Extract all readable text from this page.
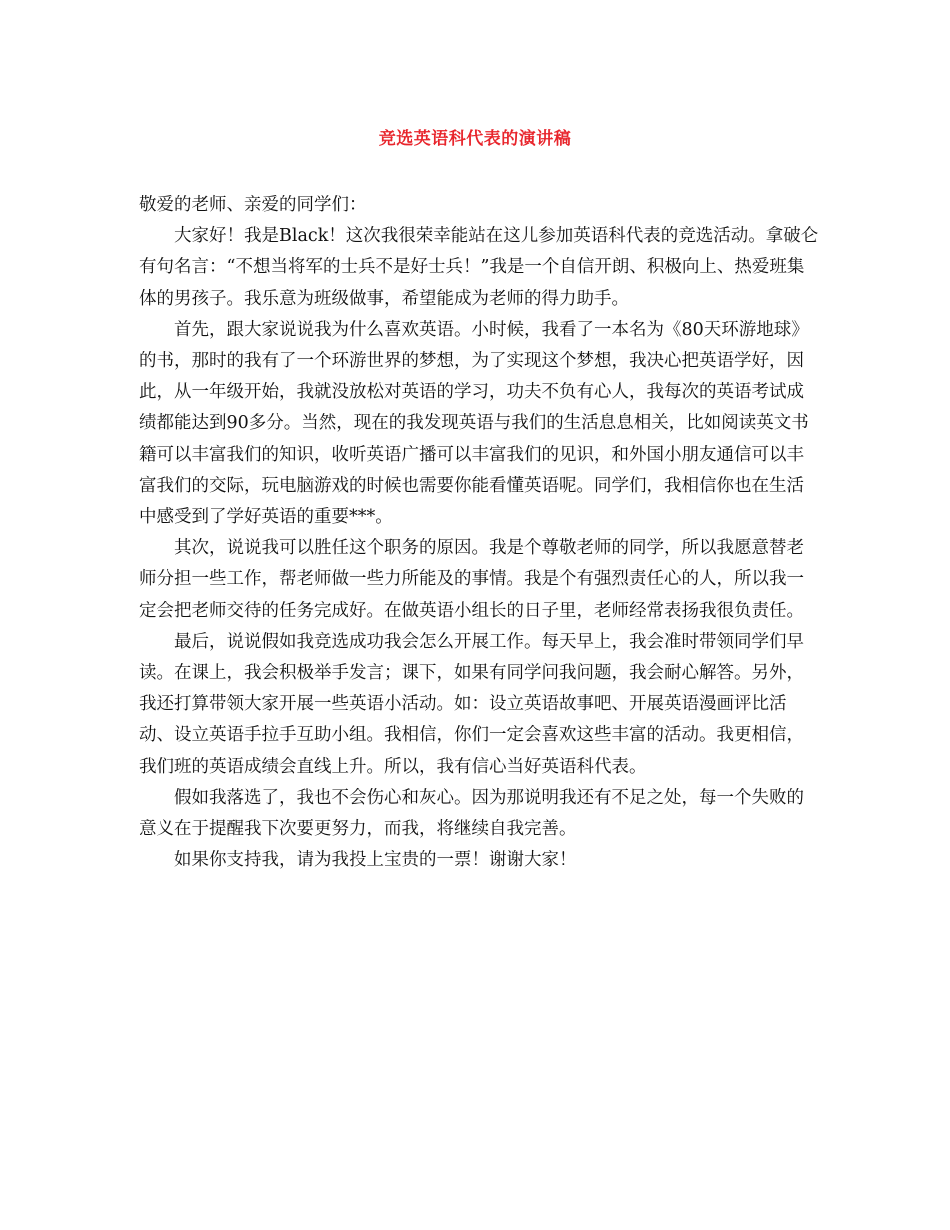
竞选英语科代表的演讲稿

敬爱的老师、亲爱的同学们：

大家好！我是Black！这次我很荣幸能站在这儿参加英语科代表的竞选活动。拿破仑有句名言：“不想当将军的士兵不是好士兵！”我是一个自信开朗、积极向上、热爱班集体的男孩子。我乐意为班级做事，希望能成为老师的得力助手。

首先，跟大家说说我为什么喜欢英语。小时候，我看了一本名为《80天环游地球》的书，那时的我有了一个环游世界的梦想，为了实现这个梦想，我决心把英语学好，因此，从一年级开始，我就没放松对英语的学习，功夫不负有心人，我每次的英语考试成绩都能达到90多分。当然，现在的我发现英语与我们的生活息息相关，比如阅读英文书籍可以丰富我们的知识，收听英语广播可以丰富我们的见识，和外国小朋友通信可以丰富我们的交际，玩电脑游戏的时候也需要你能看懂英语呢。同学们，我相信你也在生活中感受到了学好英语的重要***。

其次，说说我可以胜任这个职务的原因。我是个尊敬老师的同学，所以我愿意替老师分担一些工作，帮老师做一些力所能及的事情。我是个有强烈责任心的人，所以我一定会把老师交待的任务完成好。在做英语小组长的日子里，老师经常表扬我很负责任。

最后，说说假如我竞选成功我会怎么开展工作。每天早上，我会准时带领同学们早读。在课上，我会积极举手发言；课下，如果有同学问我问题，我会耐心解答。另外，我还打算带领大家开展一些英语小活动。如：设立英语故事吧、开展英语漫画评比活动、设立英语手拉手互助小组。我相信，你们一定会喜欢这些丰富的活动。我更相信，我们班的英语成绩会直线上升。所以，我有信心当好英语科代表。

假如我落选了，我也不会伤心和灰心。因为那说明我还有不足之处，每一个失败的意义在于提醒我下次要更努力，而我，将继续自我完善。

如果你支持我，请为我投上宝贵的一票！谢谢大家！
